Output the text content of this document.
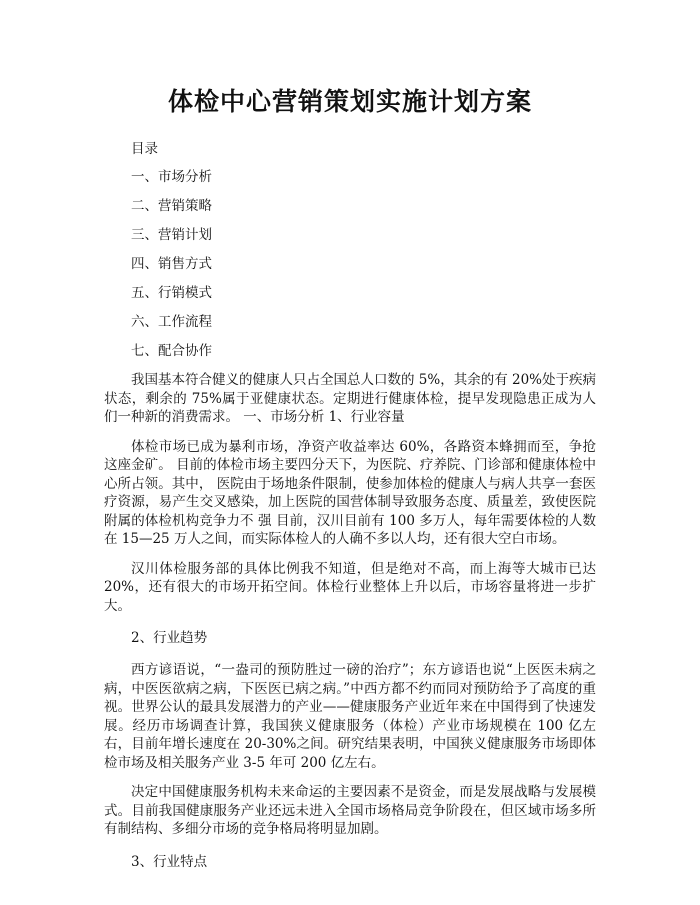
体检中心营销策划实施计划方案
目录
一、市场分析
二、营销策略
三、营销计划
四、销售方式
五、行销模式
六、工作流程
七、配合协作

我国基本符合健义的健康人只占全国总人口数的 5%，其余的有 20%处于疾病状态，剩余的 75%属于亚健康状态。定期进行健康体检，提早发现隐患正成为人们一种新的消费需求。 一、市场分析 1、行业容量

体检市场已成为暴利市场，净资产收益率达 60%，各路资本蜂拥而至，争抢这座金矿。 目前的体检市场主要四分天下，为医院、疗养院、门诊部和健康体检中心所占领。其中， 医院由于场地条件限制，使参加体检的健康人与病人共享一套医疗资源，易产生交叉感染，加上医院的国营体制导致服务态度、质量差，致使医院附属的体检机构竞争力不 强 目前，汉川目前有 100 多万人，每年需要体检的人数在 15—25 万人之间，而实际体检人的人确不多以人均，还有很大空白市场。

汉川体检服务部的具体比例我不知道，但是绝对不高，而上海等大城市已达 20%，还有很大的市场开拓空间。体检行业整体上升以后，市场容量将进一步扩大。

2、行业趋势

西方谚语说，“一盎司的预防胜过一磅的治疗”；东方谚语也说“上医医未病之病，中医医欲病之病，下医医已病之病。”中西方都不约而同对预防给予了高度的重视。世界公认的最具发展潜力的产业——健康服务产业近年来在中国得到了快速发展。经历市场调查计算，我国狭义健康服务（体检）产业市场规模在 100 亿左右，目前年增长速度在 20-30%之间。研究结果表明，中国狭义健康服务市场即体检市场及相关服务产业 3-5 年可 200 亿左右。

决定中国健康服务机构未来命运的主要因素不是资金，而是发展战略与发展模式。目前我国健康服务产业还远未进入全国市场格局竞争阶段在，但区域市场多所有制结构、多细分市场的竞争格局将明显加剧。

3、行业特点
